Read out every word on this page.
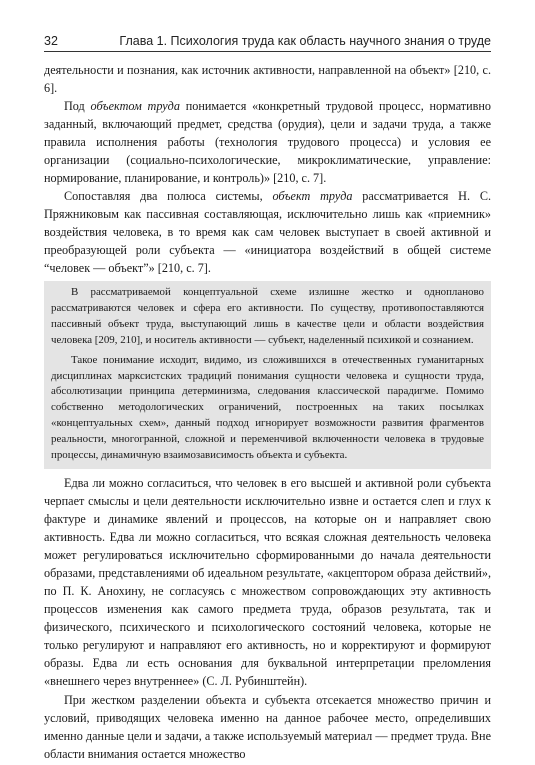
32	Глава 1. Психология труда как область научного знания о труде

деятельности и познания, как источник активности, направленной на объект» [210, с. 6].

Под объектом труда понимается «конкретный трудовой процесс, нормативно заданный, включающий предмет, средства (орудия), цели и задачи труда, а также правила исполнения работы (технология трудового процесса) и условия ее организации (социально-психологические, микроклиматические, управление: нормирование, планирование, и контроль)» [210, с. 7].

Сопоставляя два полюса системы, объект труда рассматривается Н. С. Пряжниковым как пассивная составляющая, исключительно лишь как «приемник» воздействия человека, в то время как сам человек выступает в своей активной и преобразующей роли субъекта — «инициатора воздействий в общей системе “человек — объект”» [210, с. 7].

В рассматриваемой концептуальной схеме излишне жестко и однопланово рассматриваются человек и сфера его активности. По существу, противопоставляются пассивный объект труда, выступающий лишь в качестве цели и области воздействия человека [209, 210], и носитель активности — субъект, наделенный психикой и сознанием.

Такое понимание исходит, видимо, из сложившихся в отечественных гуманитарных дисциплинах марксистских традиций понимания сущности человека и сущности труда, абсолютизации принципа детерминизма, следования классической парадигме. Помимо собственно методологических ограничений, построенных на таких посылках «концептуальных схем», данный подход игнорирует возможности развития фрагментов реальности, многогранной, сложной и переменчивой включенности человека в трудовые процессы, динамичную взаимозависимость объекта и субъекта.

Едва ли можно согласиться, что человек в его высшей и активной роли субъекта черпает смыслы и цели деятельности исключительно извне и остается слеп и глух к фактуре и динамике явлений и процессов, на которые он и направляет свою активность. Едва ли можно согласиться, что всякая сложная деятельность человека может регулироваться исключительно сформированными до начала деятельности образами, представлениями об идеальном результате, «акцептором образа действий», по П. К. Анохину, не согласуясь с множеством сопровождающих эту активность процессов изменения как самого предмета труда, образов результата, так и физического, психического и психологического состояний человека, которые не только регулируют и направляют его активность, но и корректируют и формируют образы. Едва ли есть основания для буквальной интерпретации преломления «внешнего через внутреннее» (С. Л. Рубинштейн).

При жестком разделении объекта и субъекта отсекается множество причин и условий, приводящих человека именно на данное рабочее место, определивших именно данные цели и задачи, а также используемый материал — предмет труда. Вне области внимания остается множество
